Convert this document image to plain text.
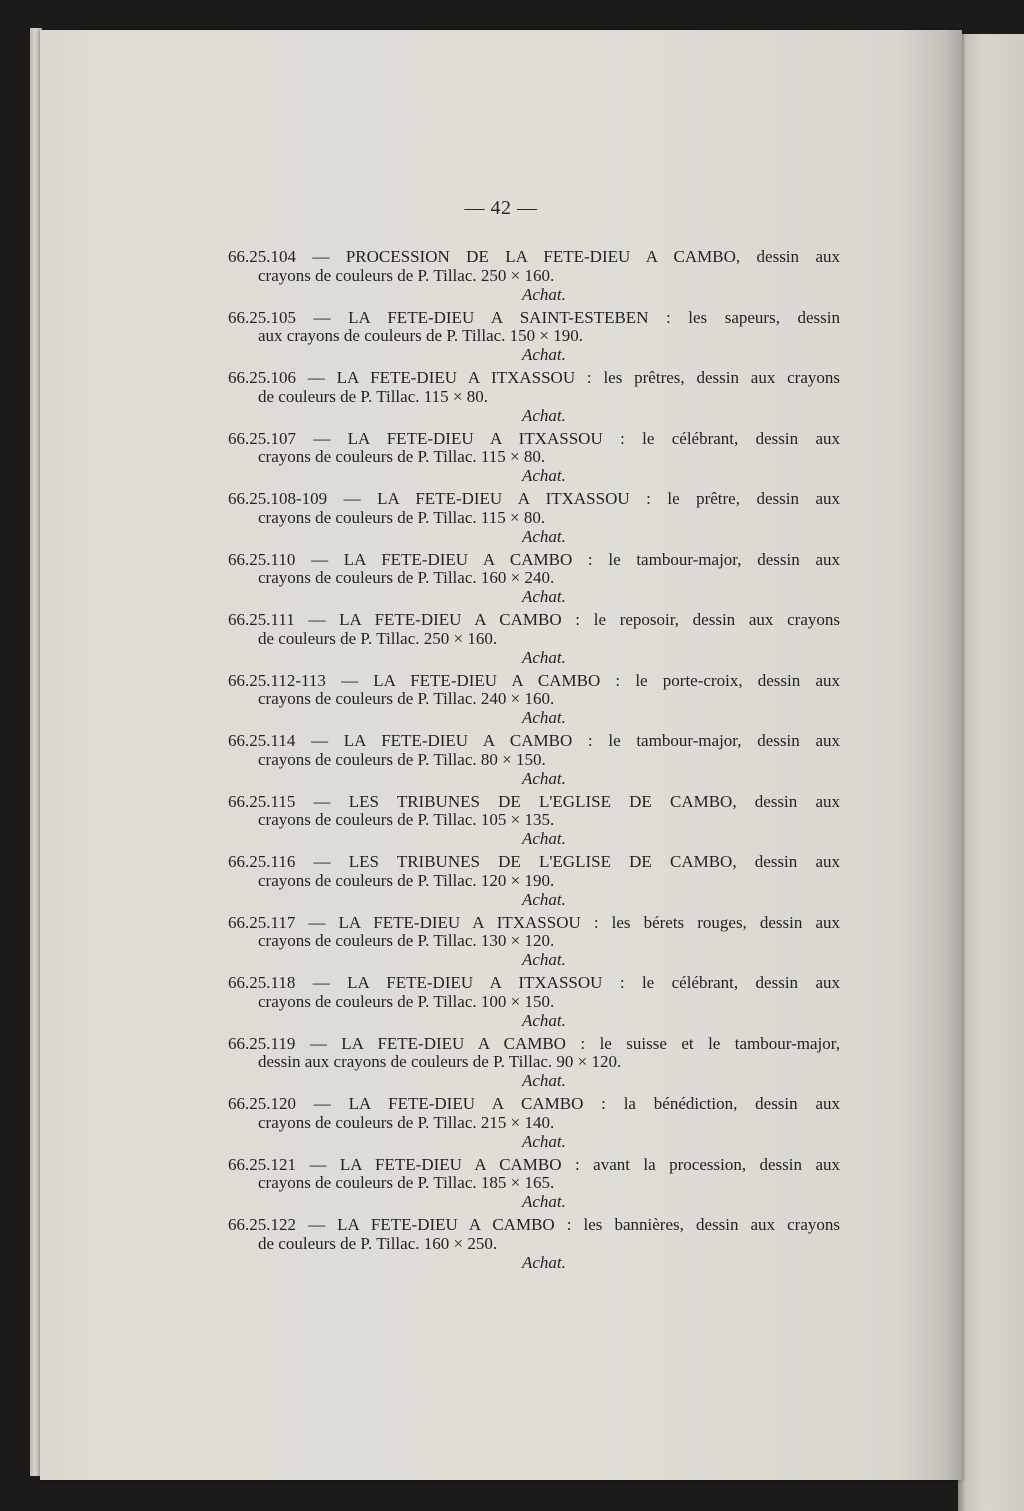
— 42 —
66.25.104 — PROCESSION DE LA FETE-DIEU A CAMBO, dessin aux
crayons de couleurs de P. Tillac. 250 × 160.
Achat.
66.25.105 — LA FETE-DIEU A SAINT-ESTEBEN : les sapeurs, dessin
aux crayons de couleurs de P. Tillac. 150 × 190.
Achat.
66.25.106 — LA FETE-DIEU A ITXASSOU : les prêtres, dessin aux crayons
de couleurs de P. Tillac. 115 × 80.
Achat.
66.25.107 — LA FETE-DIEU A ITXASSOU : le célébrant, dessin aux
crayons de couleurs de P. Tillac. 115 × 80.
Achat.
66.25.108-109 — LA FETE-DIEU A ITXASSOU : le prêtre, dessin aux
crayons de couleurs de P. Tillac. 115 × 80.
Achat.
66.25.110 — LA FETE-DIEU A CAMBO : le tambour-major, dessin aux
crayons de couleurs de P. Tillac. 160 × 240.
Achat.
66.25.111 — LA FETE-DIEU A CAMBO : le reposoir, dessin aux crayons
de couleurs de P. Tillac. 250 × 160.
Achat.
66.25.112-113 — LA FETE-DIEU A CAMBO : le porte-croix, dessin aux
crayons de couleurs de P. Tillac. 240 × 160.
Achat.
66.25.114 — LA FETE-DIEU A CAMBO : le tambour-major, dessin aux
crayons de couleurs de P. Tillac. 80 × 150.
Achat.
66.25.115 — LES TRIBUNES DE L'EGLISE DE CAMBO, dessin aux
crayons de couleurs de P. Tillac. 105 × 135.
Achat.
66.25.116 — LES TRIBUNES DE L'EGLISE DE CAMBO, dessin aux
crayons de couleurs de P. Tillac. 120 × 190.
Achat.
66.25.117 — LA FETE-DIEU A ITXASSOU : les bérets rouges, dessin aux
crayons de couleurs de P. Tillac. 130 × 120.
Achat.
66.25.118 — LA FETE-DIEU A ITXASSOU : le célébrant, dessin aux
crayons de couleurs de P. Tillac. 100 × 150.
Achat.
66.25.119 — LA FETE-DIEU A CAMBO : le suisse et le tambour-major,
dessin aux crayons de couleurs de P. Tillac. 90 × 120.
Achat.
66.25.120 — LA FETE-DIEU A CAMBO : la bénédiction, dessin aux
crayons de couleurs de P. Tillac. 215 × 140.
Achat.
66.25.121 — LA FETE-DIEU A CAMBO : avant la procession, dessin aux
crayons de couleurs de P. Tillac. 185 × 165.
Achat.
66.25.122 — LA FETE-DIEU A CAMBO : les bannières, dessin aux crayons
de couleurs de P. Tillac. 160 × 250.
Achat.
